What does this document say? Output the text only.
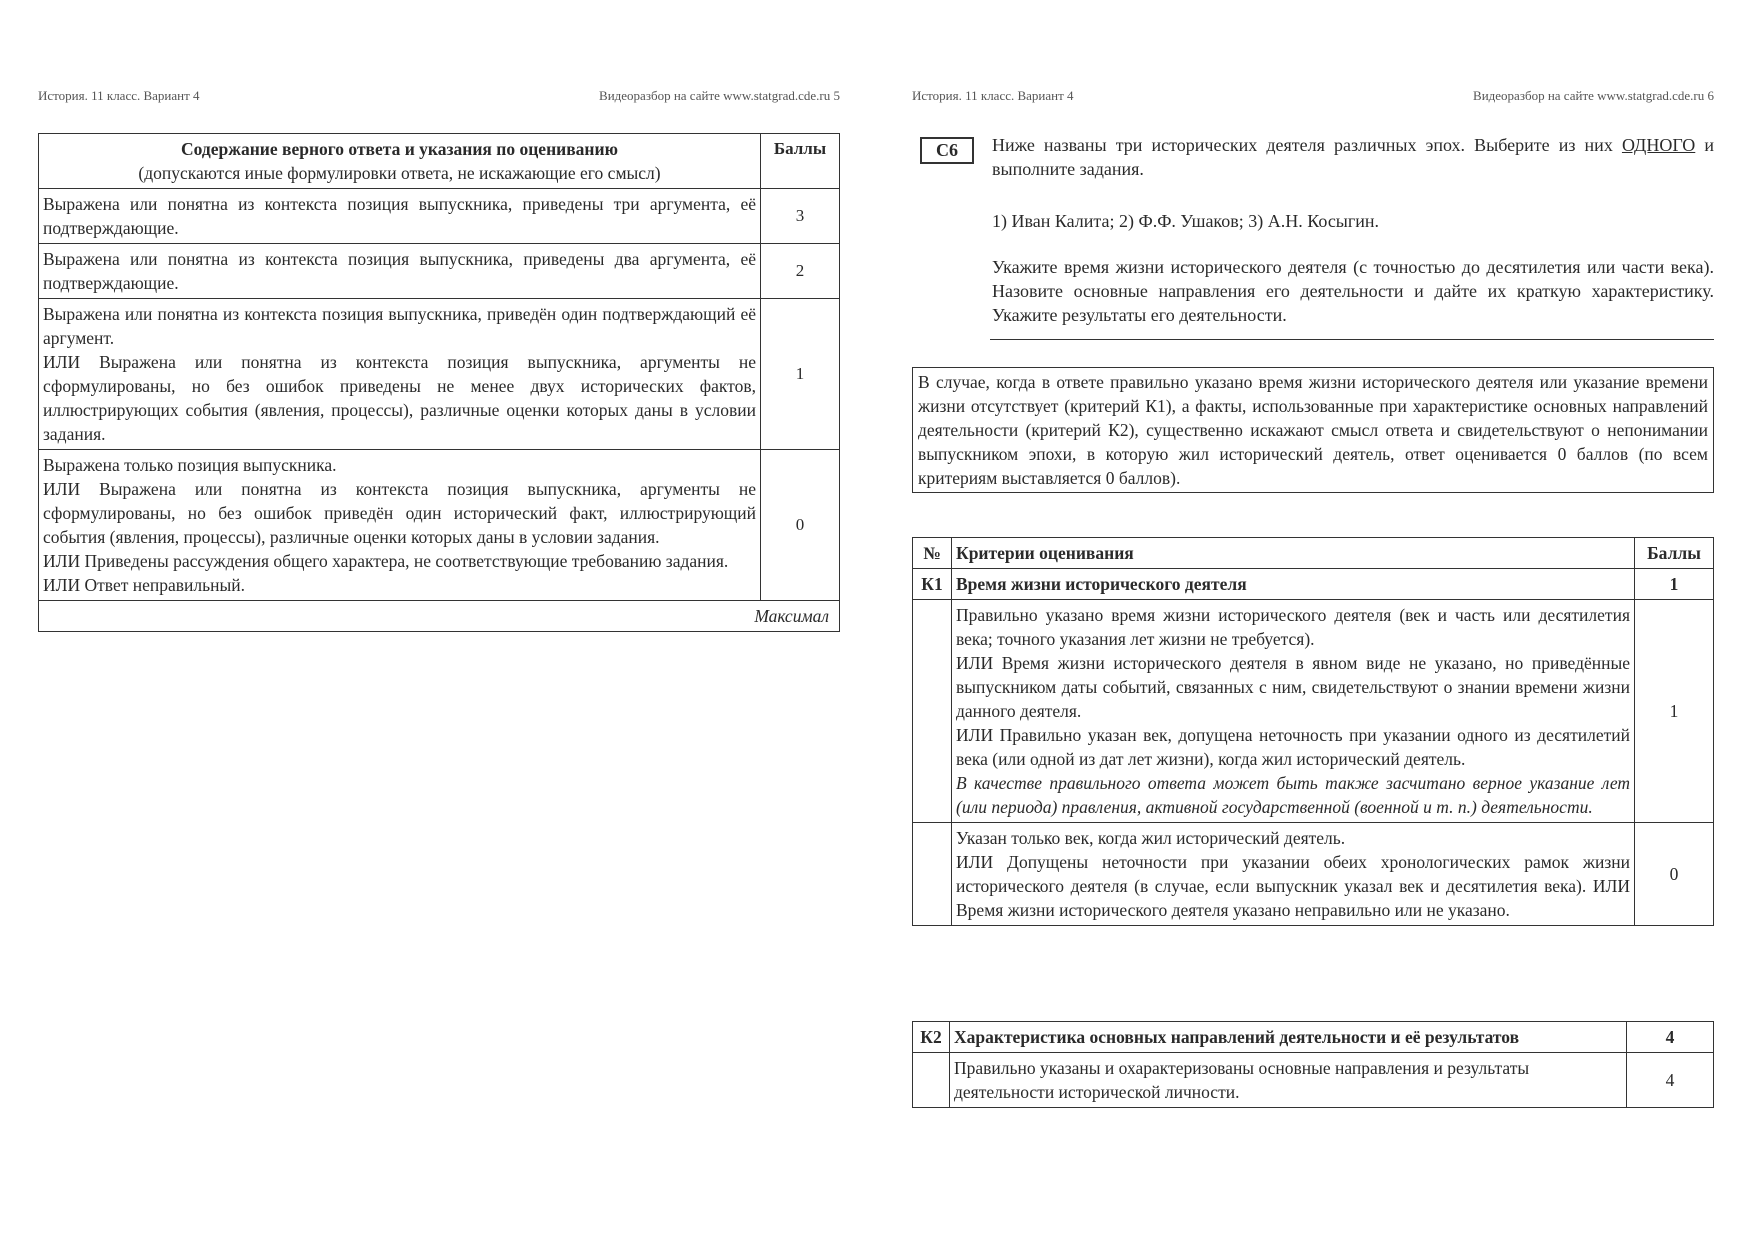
История. 11 класс. Вариант 4	Видеоразбор на сайте www.statgrad.cde.ru 5
Содержание верного ответа и указания по оцениванию
(допускаются иные формулировки ответа, не искажающие его смысл)	Баллы

Выражена или понятна из контекста позиция выпускника, приведены три аргумента, её подтверждающие.	3

Выражена или понятна из контекста позиция выпускника, приведены два аргумента, её подтверждающие.	2

Выражена или понятна из контекста позиция выпускника, приведён один подтверждающий её аргумент.
ИЛИ Выражена или понятна из контекста позиция выпускника, аргументы не сформулированы, но без ошибок приведены не менее двух исторических фактов, иллюстрирующих события (явления, процессы), различные оценки которых даны в условии задания.	1

Выражена только позиция выпускника.
ИЛИ Выражена или понятна из контекста позиция выпускника, аргументы не сформулированы, но без ошибок приведён один исторический факт, иллюстрирующий события (явления, процессы), различные оценки которых даны в условии задания.
ИЛИ Приведены рассуждения общего характера, не соответствующие требованию задания.
ИЛИ Ответ неправильный.	0
Максимал	
История. 11 класс. Вариант 4	Видеоразбор на сайте www.statgrad.cde.ru 6
С6	Ниже названы три исторических деятеля различных эпох. Выберите из них ОДНОГО и выполните задания.

1) Иван Калита; 2) Ф.Ф. Ушаков; 3) А.Н. Косыгин.

Укажите время жизни исторического деятеля (с точностью до десятилетия или части века). Назовите основные направления его деятельности и дайте их краткую характеристику. Укажите результаты его деятельности.

В случае, когда в ответе правильно указано время жизни исторического деятеля или указание времени жизни отсутствует (критерий К1), а факты, использованные при характеристике основных направлений деятельности (критерий К2), существенно искажают смысл ответа и свидетельствуют о непонимании выпускником эпохи, в которую жил исторический деятель, ответ оценивается 0 баллов (по всем критериям выставляется 0 баллов).
№	Критерии оценивания	Баллы
К1	Время жизни исторического деятеля	1

	Правильно указано время жизни исторического деятеля (век и часть или десятилетия века; точного указания лет жизни не требуется).
ИЛИ Время жизни исторического деятеля в явном виде не указано, но приведённые выпускником даты событий, связанных с ним, свидетельствуют о знании времени жизни данного деятеля.
ИЛИ Правильно указан век, допущена неточность при указании одного из десятилетий века (или одной из дат лет жизни), когда жил исторический деятель.
В качестве правильного ответа может быть также засчитано верное указание лет (или периода) правления, активной государственной (военной и т. п.) деятельности.	1

	Указан только век, когда жил исторический деятель.
ИЛИ Допущены неточности при указании обеих хронологических рамок жизни исторического деятеля (в случае, если выпускник указал век и десятилетия века). ИЛИ Время жизни исторического деятеля указано неправильно или не указано.	0
К2	Характеристика основных направлений деятельности и её результатов	4
	Правильно указаны и охарактеризованы основные направления и результаты деятельности исторической личности.	4
